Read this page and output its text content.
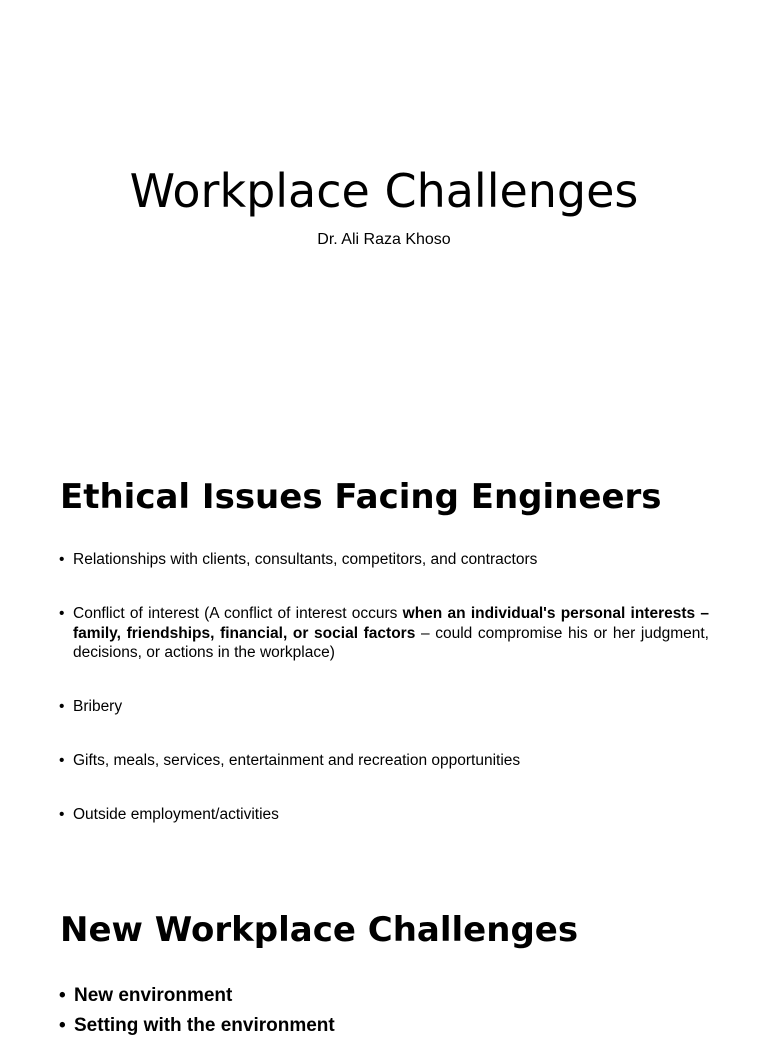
Workplace Challenges

Dr. Ali Raza Khoso

Ethical Issues Facing Engineers
• Relationships with clients, consultants, competitors, and contractors
• Conflict of interest (A conflict of interest occurs when an individual's personal interests – family, friendships, financial, or social factors – could compromise his or her judgment, decisions, or actions in the workplace)
• Bribery
• Gifts, meals, services, entertainment and recreation opportunities
• Outside employment/activities
New Workplace Challenges
• New environment
• Setting with the environment
